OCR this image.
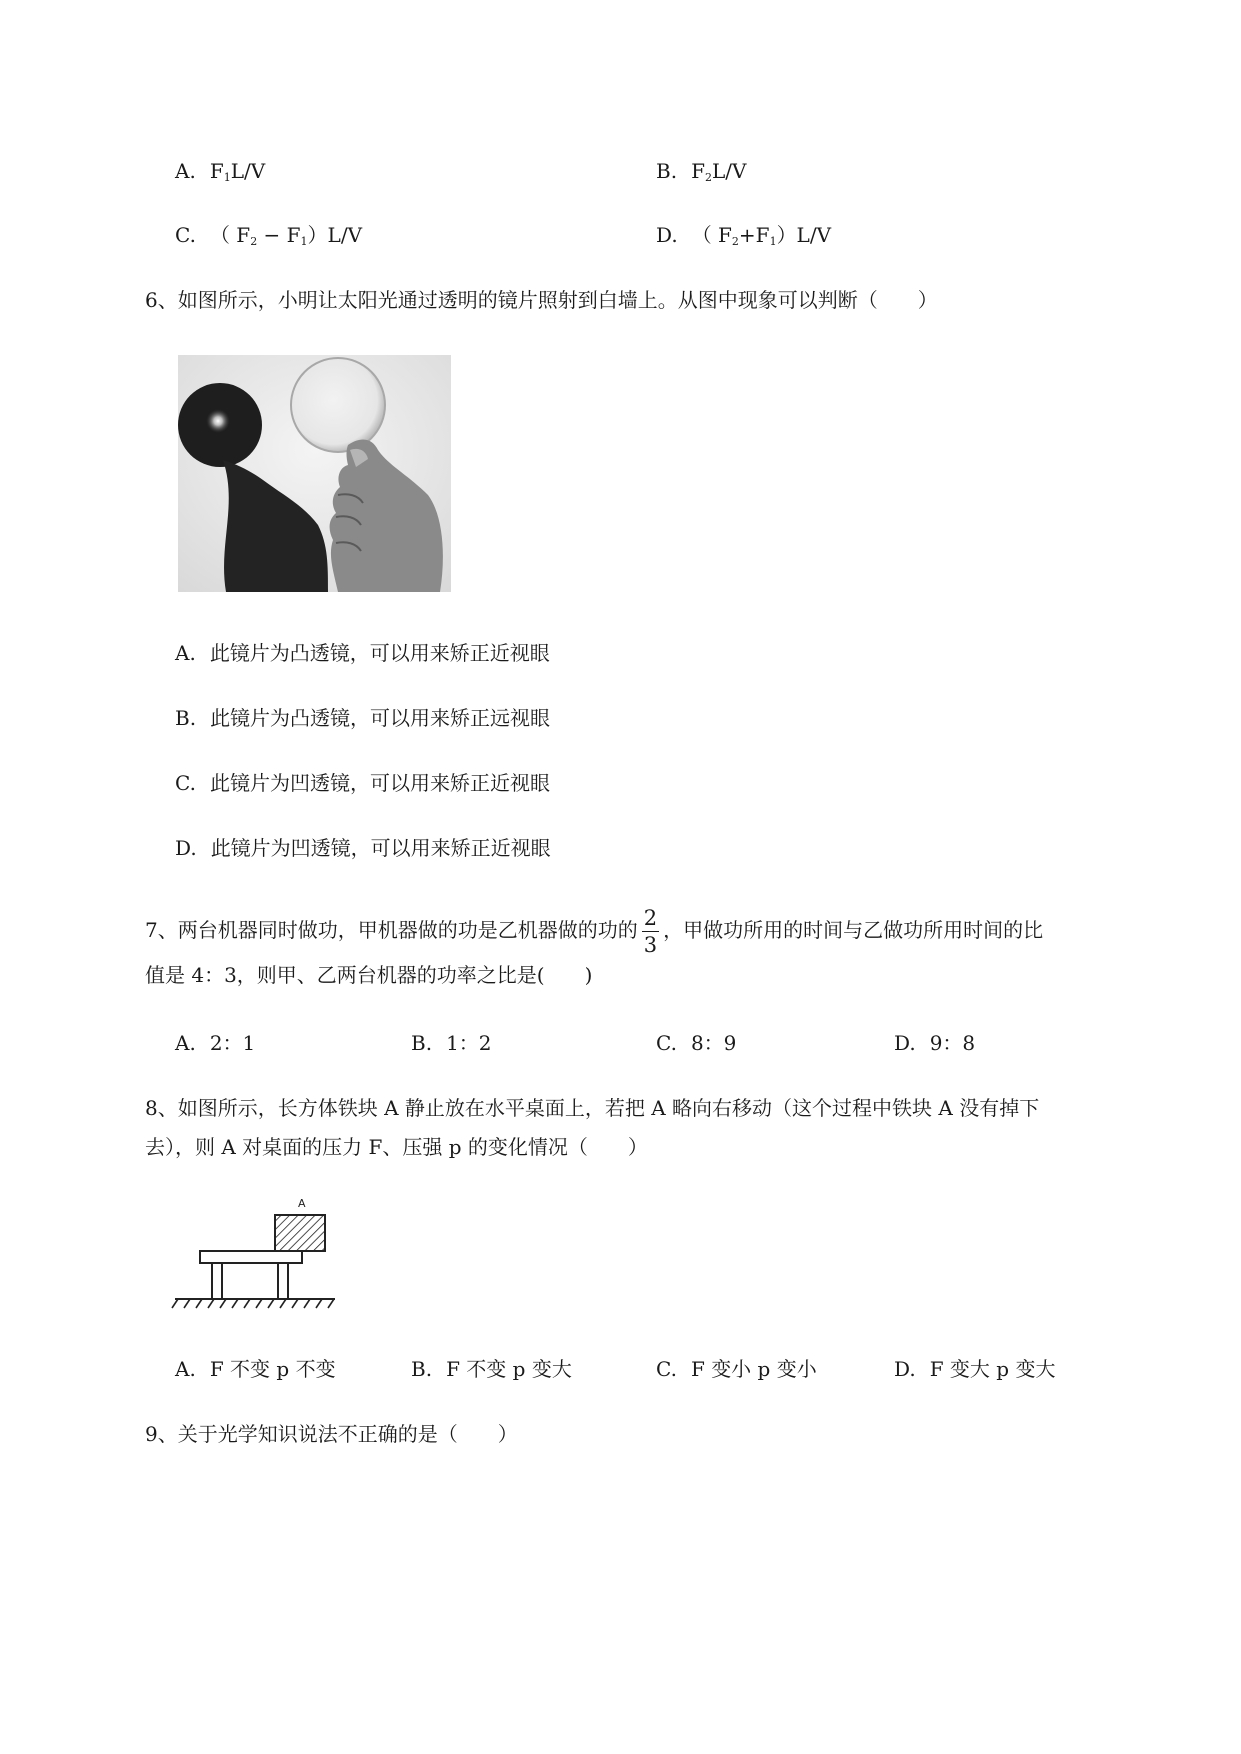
A. $F_1L/V$	B. $F_2L/V$
C. （ $F_2 - F_1)L/V$	D. （ $F_2+F_1)L/V$
6、如图所示，小明让太阳光通过透明的镜片照射到白墙上。从图中现象可以判断（　　）
A. 此镜片为凸透镜，可以用来矫正近视眼
B. 此镜片为凸透镜，可以用来矫正远视眼
C. 此镜片为凹透镜，可以用来矫正近视眼
D. 此镜片为凹透镜，可以用来矫正近视眼
7、两台机器同时做功，甲机器做的功是乙机器做的功的 $\frac{2}{3}$ ，甲做功所用的时间与乙做功所用时间的比
值是 4：3，则甲、乙两台机器的功率之比是(　　)
A. 2：1	B. 1：2	C. 8：9	D. 9：8
8、如图所示，长方体铁块 A 静止放在水平桌面上，若把 A 略向右移动（这个过程中铁块 A 没有掉下
去），则 A 对桌面的压力 F、压强 p 的变化情况（　　）
A
A. F 不变 p 不变	B. F 不变 p 变大	C. F 变小 p 变小	D. F 变大 p 变大
9、关于光学知识说法不正确的是（　　）
